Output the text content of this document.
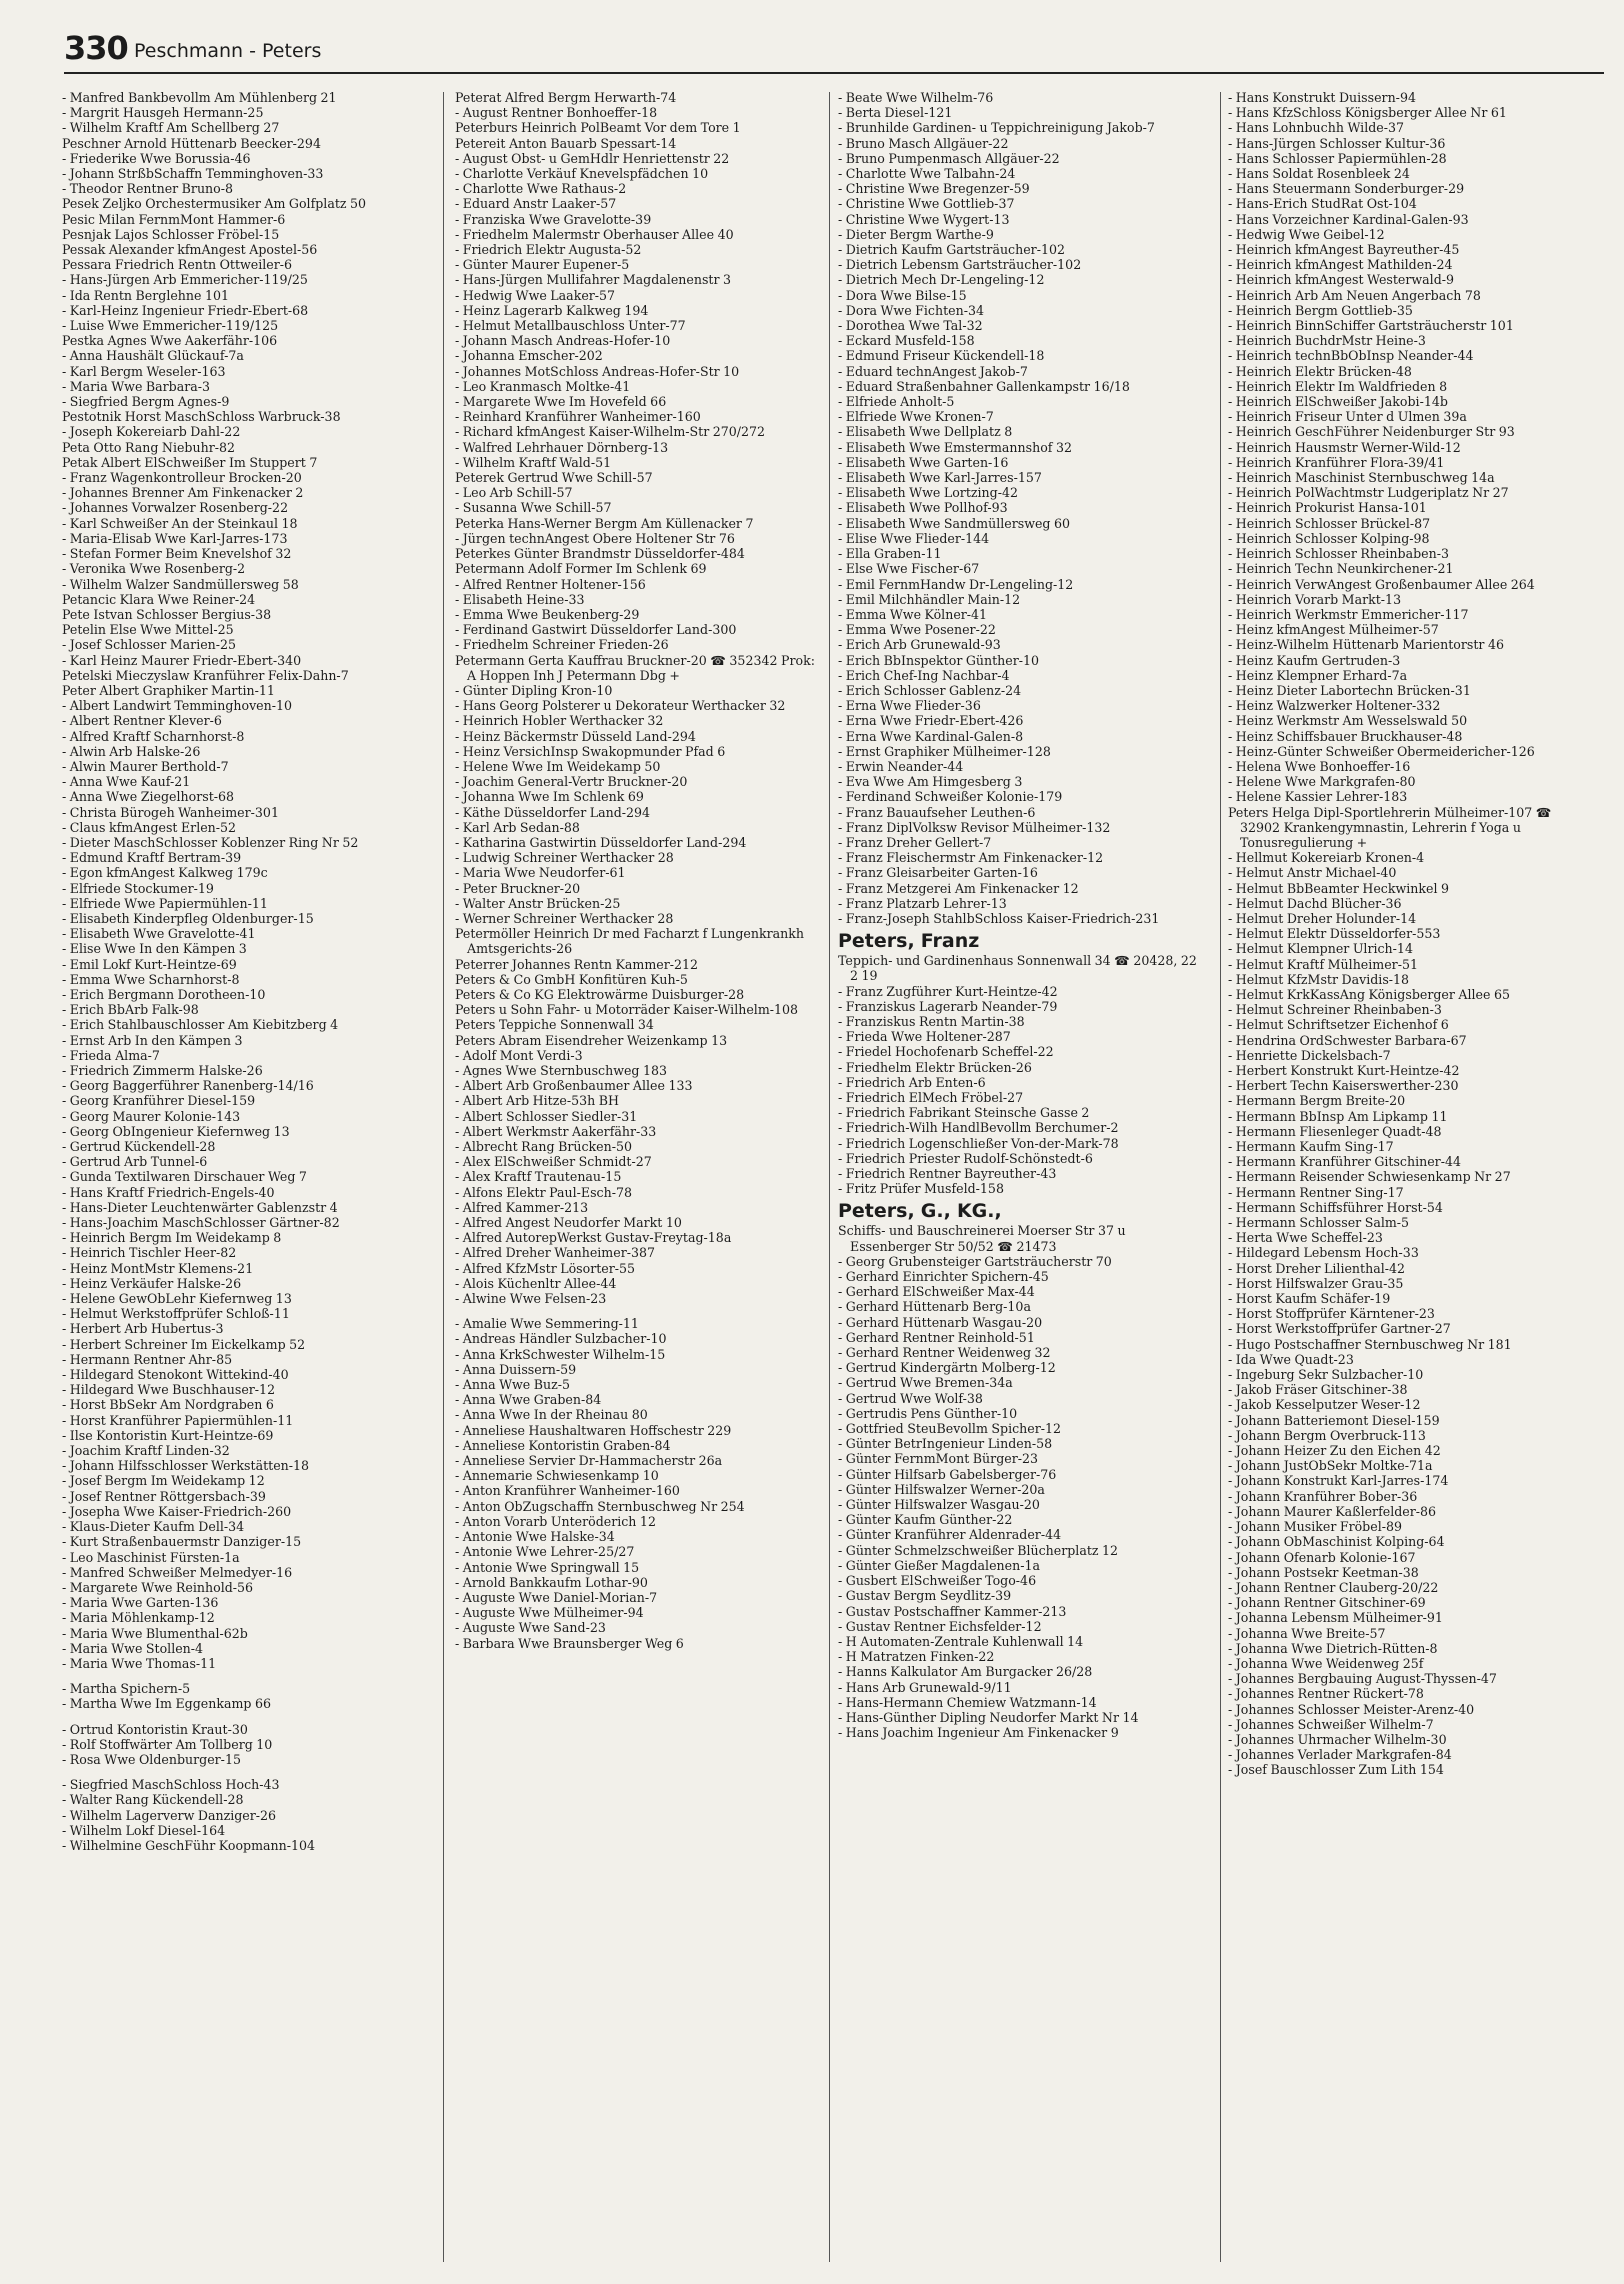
330 Peschmann - Peters
- Manfred Bankbevollm Am Mühlenberg 21
- Margrit Hausgeh Hermann-25
- Wilhelm Kraftf Am Schellberg 27
Peschner Arnold Hüttenarb Beecker-294
- Friederike Wwe Borussia-46
- Johann StrßbSchaffn Temminghoven-33
- Theodor Rentner Bruno-8
Pesek Zeljko Orchestermusiker Am Golfplatz 50
Pesic Milan FernmMont Hammer-6
Pesnjak Lajos Schlosser Fröbel-15
Pessak Alexander kfmAngest Apostel-56
Pessara Friedrich Rentn Ottweiler-6
- Hans-Jürgen Arb Emmericher-119/25
- Ida Rentn Berglehne 101
- Karl-Heinz Ingenieur Friedr-Ebert-68
- Luise Wwe Emmericher-119/125
Pestka Agnes Wwe Aakerfähr-106
- Anna Haushält Glückauf-7a
- Karl Bergm Weseler-163
- Maria Wwe Barbara-3
- Siegfried Bergm Agnes-9
Pestotnik Horst MaschSchloss Warbruck-38
- Joseph Kokereiarb Dahl-22
Peta Otto Rang Niebuhr-82
Petak Albert ElSchweißer Im Stuppert 7
- Franz Wagenkontrolleur Brocken-20
- Johannes Brenner Am Finkenacker 2
- Johannes Vorwalzer Rosenberg-22
- Karl Schweißer An der Steinkaul 18
- Maria-Elisab Wwe Karl-Jarres-173
- Stefan Former Beim Knevelshof 32
- Veronika Wwe Rosenberg-2
- Wilhelm Walzer Sandmüllersweg 58
Petancic Klara Wwe Reiner-24
Pete Istvan Schlosser Bergius-38
Petelin Else Wwe Mittel-25
- Josef Schlosser Marien-25
- Karl Heinz Maurer Friedr-Ebert-340
Petelski Mieczyslaw Kranführer Felix-Dahn-7
Peter Albert Graphiker Martin-11
- Albert Landwirt Temminghoven-10
- Albert Rentner Klever-6
- Alfred Kraftf Scharnhorst-8
- Alwin Arb Halske-26
- Alwin Maurer Berthold-7
- Anna Wwe Kauf-21
- Anna Wwe Ziegelhorst-68
- Christa Bürogeh Wanheimer-301
- Claus kfmAngest Erlen-52
- Dieter MaschSchlosser Koblenzer Ring Nr 52
- Edmund Kraftf Bertram-39
- Egon kfmAngest Kalkweg 179c
- Elfriede Stockumer-19
- Elfriede Wwe Papiermühlen-11
- Elisabeth Kinderpfleg Oldenburger-15
- Elisabeth Wwe Gravelotte-41
- Elise Wwe In den Kämpen 3
- Emil Lokf Kurt-Heintze-69
- Emma Wwe Scharnhorst-8
- Erich Bergmann Dorotheen-10
- Erich BbArb Falk-98
- Erich Stahlbauschlosser Am Kiebitzberg 4
- Ernst Arb In den Kämpen 3
- Frieda Alma-7
- Friedrich Zimmerm Halske-26
- Georg Baggerführer Ranenberg-14/16
- Georg Kranführer Diesel-159
- Georg Maurer Kolonie-143
- Georg ObIngenieur Kiefernweg 13
- Gertrud Kückendell-28
- Gertrud Arb Tunnel-6
- Gunda Textilwaren Dirschauer Weg 7
- Hans Kraftf Friedrich-Engels-40
- Hans-Dieter Leuchtenwärter Gablenzstr 4
- Hans-Joachim MaschSchlosser Gärtner-82
- Heinrich Bergm Im Weidekamp 8
- Heinrich Tischler Heer-82
- Heinz MontMstr Klemens-21
- Heinz Verkäufer Halske-26
- Helene GewObLehr Kiefernweg 13
- Helmut Werkstoffprüfer Schloß-11
- Herbert Arb Hubertus-3
- Herbert Schreiner Im Eickelkamp 52
- Hermann Rentner Ahr-85
- Hildegard Stenokont Wittekind-40
- Hildegard Wwe Buschhauser-12
- Horst BbSekr Am Nordgraben 6
- Horst Kranführer Papiermühlen-11
- Ilse Kontoristin Kurt-Heintze-69
- Joachim Kraftf Linden-32
- Johann Hilfsschlosser Werkstätten-18
- Josef Bergm Im Weidekamp 12
- Josef Rentner Röttgersbach-39
- Josepha Wwe Kaiser-Friedrich-260
- Klaus-Dieter Kaufm Dell-34
- Kurt Straßenbauermstr Danziger-15
- Leo Maschinist Fürsten-1a
- Manfred Schweißer Melmedyer-16
- Margarete Wwe Reinhold-56
- Maria Wwe Garten-136
- Maria Möhlenkamp-12
- Maria Wwe Blumenthal-62b
- Maria Wwe Stollen-4
- Maria Wwe Thomas-11
- Martha Spichern-5
- Martha Wwe Im Eggenkamp 66
- Ortrud Kontoristin Kraut-30
- Rolf Stoffwärter Am Tollberg 10
- Rosa Wwe Oldenburger-15
- Siegfried MaschSchloss Hoch-43
- Walter Rang Kückendell-28
- Wilhelm Lagerverw Danziger-26
- Wilhelm Lokf Diesel-164
- Wilhelmine GeschFühr Koopmann-104
Peterat Alfred Bergm Herwarth-74
- August Rentner Bonhoeffer-18
Peterburs Heinrich PolBeamt Vor dem Tore 1
Petereit Anton Bauarb Spessart-14
- August Obst- u GemHdlr Henriettenstr 22
- Charlotte Verkäuf Knevelspfädchen 10
- Charlotte Wwe Rathaus-2
- Eduard Anstr Laaker-57
- Franziska Wwe Gravelotte-39
- Friedhelm Malermstr Oberhauser Allee 40
- Friedrich Elektr Augusta-52
- Günter Maurer Eupener-5
- Hans-Jürgen Mullifahrer Magdalenenstr 3
- Hedwig Wwe Laaker-57
- Heinz Lagerarb Kalkweg 194
- Helmut Metallbauschloss Unter-77
- Johann Masch Andreas-Hofer-10
- Johanna Emscher-202
- Johannes MotSchloss Andreas-Hofer-Str 10
- Leo Kranmasch Moltke-41
- Margarete Wwe Im Hovefeld 66
- Reinhard Kranführer Wanheimer-160
- Richard kfmAngest Kaiser-Wilhelm-Str 270/272
- Walfred Lehrhauer Dörnberg-13
- Wilhelm Kraftf Wald-51
Peterek Gertrud Wwe Schill-57
- Leo Arb Schill-57
- Susanna Wwe Schill-57
Peterka Hans-Werner Bergm Am Küllenacker 7
- Jürgen technAngest Obere Holtener Str 76
Peterkes Günter Brandmstr Düsseldorfer-484
Petermann Adolf Former Im Schlenk 69
- Alfred Rentner Holtener-156
- Elisabeth Heine-33
- Emma Wwe Beukenberg-29
- Ferdinand Gastwirt Düsseldorfer Land-300
- Friedhelm Schreiner Frieden-26
Petermann Gerta Kauffrau Bruckner-20 ☎ 352342 Prok: A Hoppen Inh J Petermann Dbg +
- Günter Dipling Kron-10
- Hans Georg Polsterer u Dekorateur Werthacker 32
- Heinrich Hobler Werthacker 32
- Heinz Bäckermstr Düsseld Land-294
- Heinz VersichInsp Swakopmunder Pfad 6
- Helene Wwe Im Weidekamp 50
- Joachim General-Vertr Bruckner-20
- Johanna Wwe Im Schlenk 69
- Käthe Düsseldorfer Land-294
- Karl Arb Sedan-88
- Katharina Gastwirtin Düsseldorfer Land-294
- Ludwig Schreiner Werthacker 28
- Maria Wwe Neudorfer-61
- Peter Bruckner-20
- Walter Anstr Brücken-25
- Werner Schreiner Werthacker 28
Petermöller Heinrich Dr med Facharzt f Lungenkrankh Amtsgerichts-26
Peterrer Johannes Rentn Kammer-212
Peters & Co GmbH Konfitüren Kuh-5
Peters & Co KG Elektrowärme Duisburger-28
Peters u Sohn Fahr- u Motorräder Kaiser-Wilhelm-108
Peters Teppiche Sonnenwall 34
Peters Abram Eisendreher Weizenkamp 13
- Adolf Mont Verdi-3
- Agnes Wwe Sternbuschweg 183
- Albert Arb Großenbaumer Allee 133
- Albert Arb Hitze-53h BH
- Albert Schlosser Siedler-31
- Albert Werkmstr Aakerfähr-33
- Albrecht Rang Brücken-50
- Alex ElSchweißer Schmidt-27
- Alex Kraftf Trautenau-15
- Alfons Elektr Paul-Esch-78
- Alfred Kammer-213
- Alfred Angest Neudorfer Markt 10
- Alfred AutorepWerkst Gustav-Freytag-18a
- Alfred Dreher Wanheimer-387
- Alfred KfzMstr Lösorter-55
- Alois Küchenltr Allee-44
- Alwine Wwe Felsen-23
- Amalie Wwe Semmering-11
- Andreas Händler Sulzbacher-10
- Anna KrkSchwester Wilhelm-15
- Anna Duissern-59
- Anna Wwe Buz-5
- Anna Wwe Graben-84
- Anna Wwe In der Rheinau 80
- Anneliese Haushaltwaren Hoffschestr 229
- Anneliese Kontoristin Graben-84
- Anneliese Servier Dr-Hammacherstr 26a
- Annemarie Schwiesenkamp 10
- Anton Kranführer Wanheimer-160
- Anton ObZugschaffn Sternbuschweg Nr 254
- Anton Vorarb Unteröderich 12
- Antonie Wwe Halske-34
- Antonie Wwe Lehrer-25/27
- Antonie Wwe Springwall 15
- Arnold Bankkaufm Lothar-90
- Auguste Wwe Daniel-Morian-7
- Auguste Wwe Mülheimer-94
- Auguste Wwe Sand-23
- Barbara Wwe Braunsberger Weg 6
- Beate Wwe Wilhelm-76
- Berta Diesel-121
- Brunhilde Gardinen- u Teppichreinigung Jakob-7
- Bruno Masch Allgäuer-22
- Bruno Pumpenmasch Allgäuer-22
- Charlotte Wwe Talbahn-24
- Christine Wwe Bregenzer-59
- Christine Wwe Gottlieb-37
- Christine Wwe Wygert-13
- Dieter Bergm Warthe-9
- Dietrich Kaufm Gartsträucher-102
- Dietrich Lebensm Gartsträucher-102
- Dietrich Mech Dr-Lengeling-12
- Dora Wwe Bilse-15
- Dora Wwe Fichten-34
- Dorothea Wwe Tal-32
- Eckard Musfeld-158
- Edmund Friseur Kückendell-18
- Eduard technAngest Jakob-7
- Eduard Straßenbahner Gallenkampstr 16/18
- Elfriede Anholt-5
- Elfriede Wwe Kronen-7
- Elisabeth Wwe Dellplatz 8
- Elisabeth Wwe Emstermannshof 32
- Elisabeth Wwe Garten-16
- Elisabeth Wwe Karl-Jarres-157
- Elisabeth Wwe Lortzing-42
- Elisabeth Wwe Pollhof-93
- Elisabeth Wwe Sandmüllersweg 60
- Elise Wwe Flieder-144
- Ella Graben-11
- Else Wwe Fischer-67
- Emil FernmHandw Dr-Lengeling-12
- Emil Milchhändler Main-12
- Emma Wwe Kölner-41
- Emma Wwe Posener-22
- Erich Arb Grunewald-93
- Erich BbInspektor Günther-10
- Erich Chef-Ing Nachbar-4
- Erich Schlosser Gablenz-24
- Erna Wwe Flieder-36
- Erna Wwe Friedr-Ebert-426
- Erna Wwe Kardinal-Galen-8
- Ernst Graphiker Mülheimer-128
- Erwin Neander-44
- Eva Wwe Am Himgesberg 3
- Ferdinand Schweißer Kolonie-179
- Franz Bauaufseher Leuthen-6
- Franz DiplVolksw Revisor Mülheimer-132
- Franz Dreher Gellert-7
- Franz Fleischermstr Am Finkenacker-12
- Franz Gleisarbeiter Garten-16
- Franz Metzgerei Am Finkenacker 12
- Franz Platzarb Lehrer-13
- Franz-Joseph StahlbSchloss Kaiser-Friedrich-231
Peters, Franz
Teppich- und Gardinenhaus Sonnenwall 34 ☎ 20428, 22 2 19
- Franz Zugführer Kurt-Heintze-42
- Franziskus Lagerarb Neander-79
- Franziskus Rentn Martin-38
- Frieda Wwe Holtener-287
- Friedel Hochofenarb Scheffel-22
- Friedhelm Elektr Brücken-26
- Friedrich Arb Enten-6
- Friedrich ElMech Fröbel-27
- Friedrich Fabrikant Steinsche Gasse 2
- Friedrich-Wilh HandlBevollm Berchumer-2
- Friedrich Logenschließer Von-der-Mark-78
- Friedrich Priester Rudolf-Schönstedt-6
- Friedrich Rentner Bayreuther-43
- Fritz Prüfer Musfeld-158
Peters, G., KG.,
Schiffs- und Bauschreinerei Moerser Str 37 u Essenberger Str 50/52 ☎ 21473
- Georg Grubensteiger Gartsträucherstr 70
- Gerhard Einrichter Spichern-45
- Gerhard ElSchweißer Max-44
- Gerhard Hüttenarb Berg-10a
- Gerhard Hüttenarb Wasgau-20
- Gerhard Rentner Reinhold-51
- Gerhard Rentner Weidenweg 32
- Gertrud Kindergärtn Molberg-12
- Gertrud Wwe Bremen-34a
- Gertrud Wwe Wolf-38
- Gertrudis Pens Günther-10
- Gottfried SteuBevollm Spicher-12
- Günter BetrIngenieur Linden-58
- Günter FernmMont Bürger-23
- Günter Hilfsarb Gabelsberger-76
- Günter Hilfswalzer Werner-20a
- Günter Hilfswalzer Wasgau-20
- Günter Kaufm Günther-22
- Günter Kranführer Aldenrader-44
- Günter Schmelzschweißer Blücherplatz 12
- Günter Gießer Magdalenen-1a
- Gusbert ElSchweißer Togo-46
- Gustav Bergm Seydlitz-39
- Gustav Postschaffner Kammer-213
- Gustav Rentner Eichsfelder-12
- H Automaten-Zentrale Kuhlenwall 14
- H Matratzen Finken-22
- Hanns Kalkulator Am Burgacker 26/28
- Hans Arb Grunewald-9/11
- Hans-Hermann Chemiew Watzmann-14
- Hans-Günther Dipling Neudorfer Markt Nr 14
- Hans Joachim Ingenieur Am Finkenacker 9
- Hans Konstrukt Duissern-94
- Hans KfzSchloss Königsberger Allee Nr 61
- Hans Lohnbuchh Wilde-37
- Hans-Jürgen Schlosser Kultur-36
- Hans Schlosser Papiermühlen-28
- Hans Soldat Rosenbleek 24
- Hans Steuermann Sonderburger-29
- Hans-Erich StudRat Ost-104
- Hans Vorzeichner Kardinal-Galen-93
- Hedwig Wwe Geibel-12
- Heinrich kfmAngest Bayreuther-45
- Heinrich kfmAngest Mathilden-24
- Heinrich kfmAngest Westerwald-9
- Heinrich Arb Am Neuen Angerbach 78
- Heinrich Bergm Gottlieb-35
- Heinrich BinnSchiffer Gartsträucherstr 101
- Heinrich BuchdrMstr Heine-3
- Heinrich technBbObInsp Neander-44
- Heinrich Elektr Brücken-48
- Heinrich Elektr Im Waldfrieden 8
- Heinrich ElSchweißer Jakobi-14b
- Heinrich Friseur Unter d Ulmen 39a
- Heinrich GeschFührer Neidenburger Str 93
- Heinrich Hausmstr Werner-Wild-12
- Heinrich Kranführer Flora-39/41
- Heinrich Maschinist Sternbuschweg 14a
- Heinrich PolWachtmstr Ludgeriplatz Nr 27
- Heinrich Prokurist Hansa-101
- Heinrich Schlosser Brückel-87
- Heinrich Schlosser Kolping-98
- Heinrich Schlosser Rheinbaben-3
- Heinrich Techn Neunkirchener-21
- Heinrich VerwAngest Großenbaumer Allee 264
- Heinrich Vorarb Markt-13
- Heinrich Werkmstr Emmericher-117
- Heinz kfmAngest Mülheimer-57
- Heinz-Wilhelm Hüttenarb Marientorstr 46
- Heinz Kaufm Gertruden-3
- Heinz Klempner Erhard-7a
- Heinz Dieter Labortechn Brücken-31
- Heinz Walzwerker Holtener-332
- Heinz Werkmstr Am Wesselswald 50
- Heinz Schiffsbauer Bruckhauser-48
- Heinz-Günter Schweißer Obermeidericher-126
- Helena Wwe Bonhoeffer-16
- Helene Wwe Markgrafen-80
- Helene Kassier Lehrer-183
Peters Helga Dipl-Sportlehrerin Mülheimer-107 ☎ 32902 Krankengymnastin, Lehrerin f Yoga u Tonusregulierung +
- Hellmut Kokereiarb Kronen-4
- Helmut Anstr Michael-40
- Helmut BbBeamter Heckwinkel 9
- Helmut Dachd Blücher-36
- Helmut Dreher Holunder-14
- Helmut Elektr Düsseldorfer-553
- Helmut Klempner Ulrich-14
- Helmut Kraftf Mülheimer-51
- Helmut KfzMstr Davidis-18
- Helmut KrkKassAng Königsberger Allee 65
- Helmut Schreiner Rheinbaben-3
- Helmut Schriftsetzer Eichenhof 6
- Hendrina OrdSchwester Barbara-67
- Henriette Dickelsbach-7
- Herbert Konstrukt Kurt-Heintze-42
- Herbert Techn Kaiserswerther-230
- Hermann Bergm Breite-20
- Hermann BbInsp Am Lipkamp 11
- Hermann Fliesenleger Quadt-48
- Hermann Kaufm Sing-17
- Hermann Kranführer Gitschiner-44
- Hermann Reisender Schwiesenkamp Nr 27
- Hermann Rentner Sing-17
- Hermann Schiffsführer Horst-54
- Hermann Schlosser Salm-5
- Herta Wwe Scheffel-23
- Hildegard Lebensm Hoch-33
- Horst Dreher Lilienthal-42
- Horst Hilfswalzer Grau-35
- Horst Kaufm Schäfer-19
- Horst Stoffprüfer Kärntener-23
- Horst Werkstoffprüfer Gartner-27
- Hugo Postschaffner Sternbuschweg Nr 181
- Ida Wwe Quadt-23
- Ingeburg Sekr Sulzbacher-10
- Jakob Fräser Gitschiner-38
- Jakob Kesselputzer Weser-12
- Johann Batteriemont Diesel-159
- Johann Bergm Overbruck-113
- Johann Heizer Zu den Eichen 42
- Johann JustObSekr Moltke-71a
- Johann Konstrukt Karl-Jarres-174
- Johann Kranführer Bober-36
- Johann Maurer Kaßlerfelder-86
- Johann Musiker Fröbel-89
- Johann ObMaschinist Kolping-64
- Johann Ofenarb Kolonie-167
- Johann Postsekr Keetman-38
- Johann Rentner Clauberg-20/22
- Johann Rentner Gitschiner-69
- Johanna Lebensm Mülheimer-91
- Johanna Wwe Breite-57
- Johanna Wwe Dietrich-Rütten-8
- Johanna Wwe Weidenweg 25f
- Johannes Bergbauing August-Thyssen-47
- Johannes Rentner Rückert-78
- Johannes Schlosser Meister-Arenz-40
- Johannes Schweißer Wilhelm-7
- Johannes Uhrmacher Wilhelm-30
- Johannes Verlader Markgrafen-84
- Josef Bauschlosser Zum Lith 154
